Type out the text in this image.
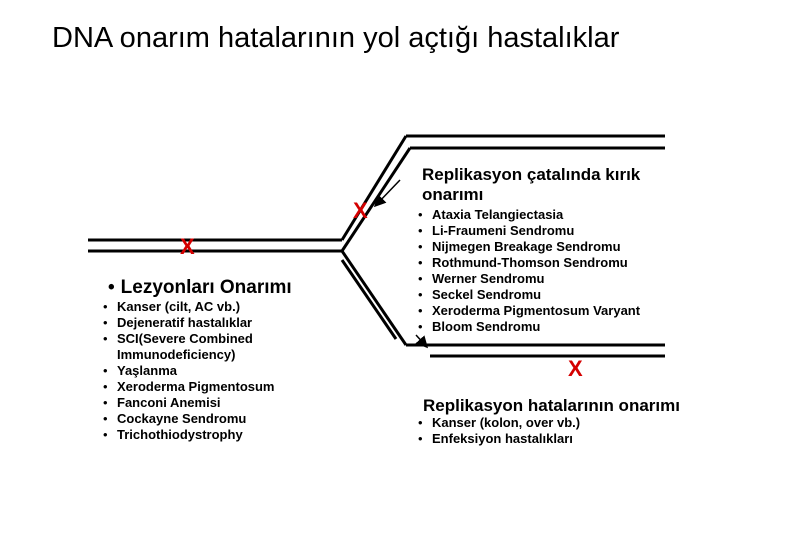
DNA onarım hatalarının yol açtığı hastalıklar
X
X
X
• Lezyonları Onarımı
• Kanser (cilt, AC vb.)
• Dejeneratif hastalıklar
• SCI(Severe Combined Immunodeficiency)
• Yaşlanma
• Xeroderma Pigmentosum
• Fanconi Anemisi
• Cockayne Sendromu
• Trichothiodystrophy
Replikasyon çatalında kırık onarımı
• Ataxia Telangiectasia
• Li-Fraumeni Sendromu
• Nijmegen Breakage Sendromu
• Rothmund-Thomson Sendromu
• Werner Sendromu
• Seckel Sendromu
• Xeroderma Pigmentosum Varyant
• Bloom Sendromu
Replikasyon hatalarının onarımı
• Kanser (kolon, over vb.)
• Enfeksiyon hastalıkları
